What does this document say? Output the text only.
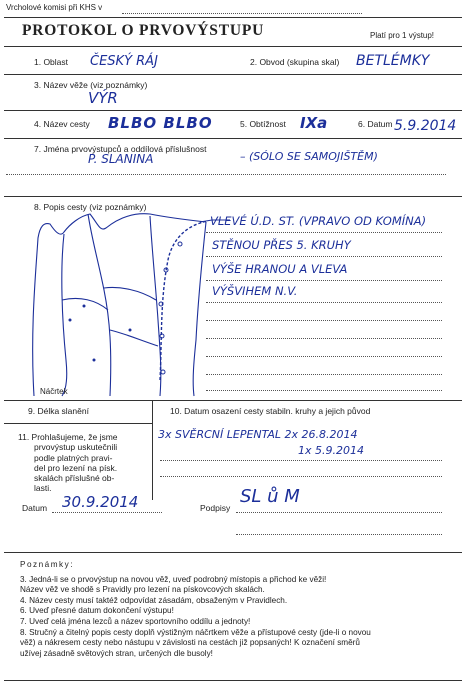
Vrcholové komisi při KHS v
PROTOKOL O PRVOVÝSTUPU	Platí pro 1 výstup!
1. Oblast ČESKÝ RÁJ	2. Obvod (skupina skal) BETLÉMKY
3. Název věže (viz poznámky)
VÝR
4. Název cesty BLBO BLBO	5. Obtížnost IXa	6. Datum 5.9.2014
7. Jména prvovýstupců a oddílová příslušnost
P. SLANINA	– (SÓLO SE SAMOJIŠTĚM)
8. Popis cesty (viz poznámky)
Náčrtek
VLEVÉ Ú.D. ST. (VPRAVO OD KOMÍNA)
STĚNOU PŘES 5. KRUHY
VÝŠE HRANOU A VLEVA
VÝŠVIHEM N.V.
9. Délka slanění	10. Datum osazení cesty stabiln. kruhy a jejich původ
3x SVĚRCNÍ LEPENTAL 2x 26.8.2014
1x 5.9.2014
11. Prohlašujeme, že jsme
prvovýstup uskutečnili
podle platných pravi-
del pro lezení na písk.
skalách příslušné ob-
lasti.
Datum 30.9.2014	Podpisy
SL ů M
Poznámky:
3. Jedná-li se o prvovýstup na novou věž, uveď podrobný místopis a přichod ke věži!
Název věž ve shodě s Pravidly pro lezení na pískovcových skalách.
4. Název cesty musí taktéž odpovídat zásadám, obsaženým v Pravidlech.
6. Uveď přesné datum dokončení výstupu!
7. Uveď celá jména lezců a název sportovního oddílu a jednoty!
8. Stručný a čitelný popis cesty doplň výstižným náčrtkem věže a přístupové cesty (jde-li o novou
věž) a nákresem cesty nebo nástupu v závislosti na cestách již popsaných! K označení směrů
užívej zásadně světových stran, určených dle busoly!
